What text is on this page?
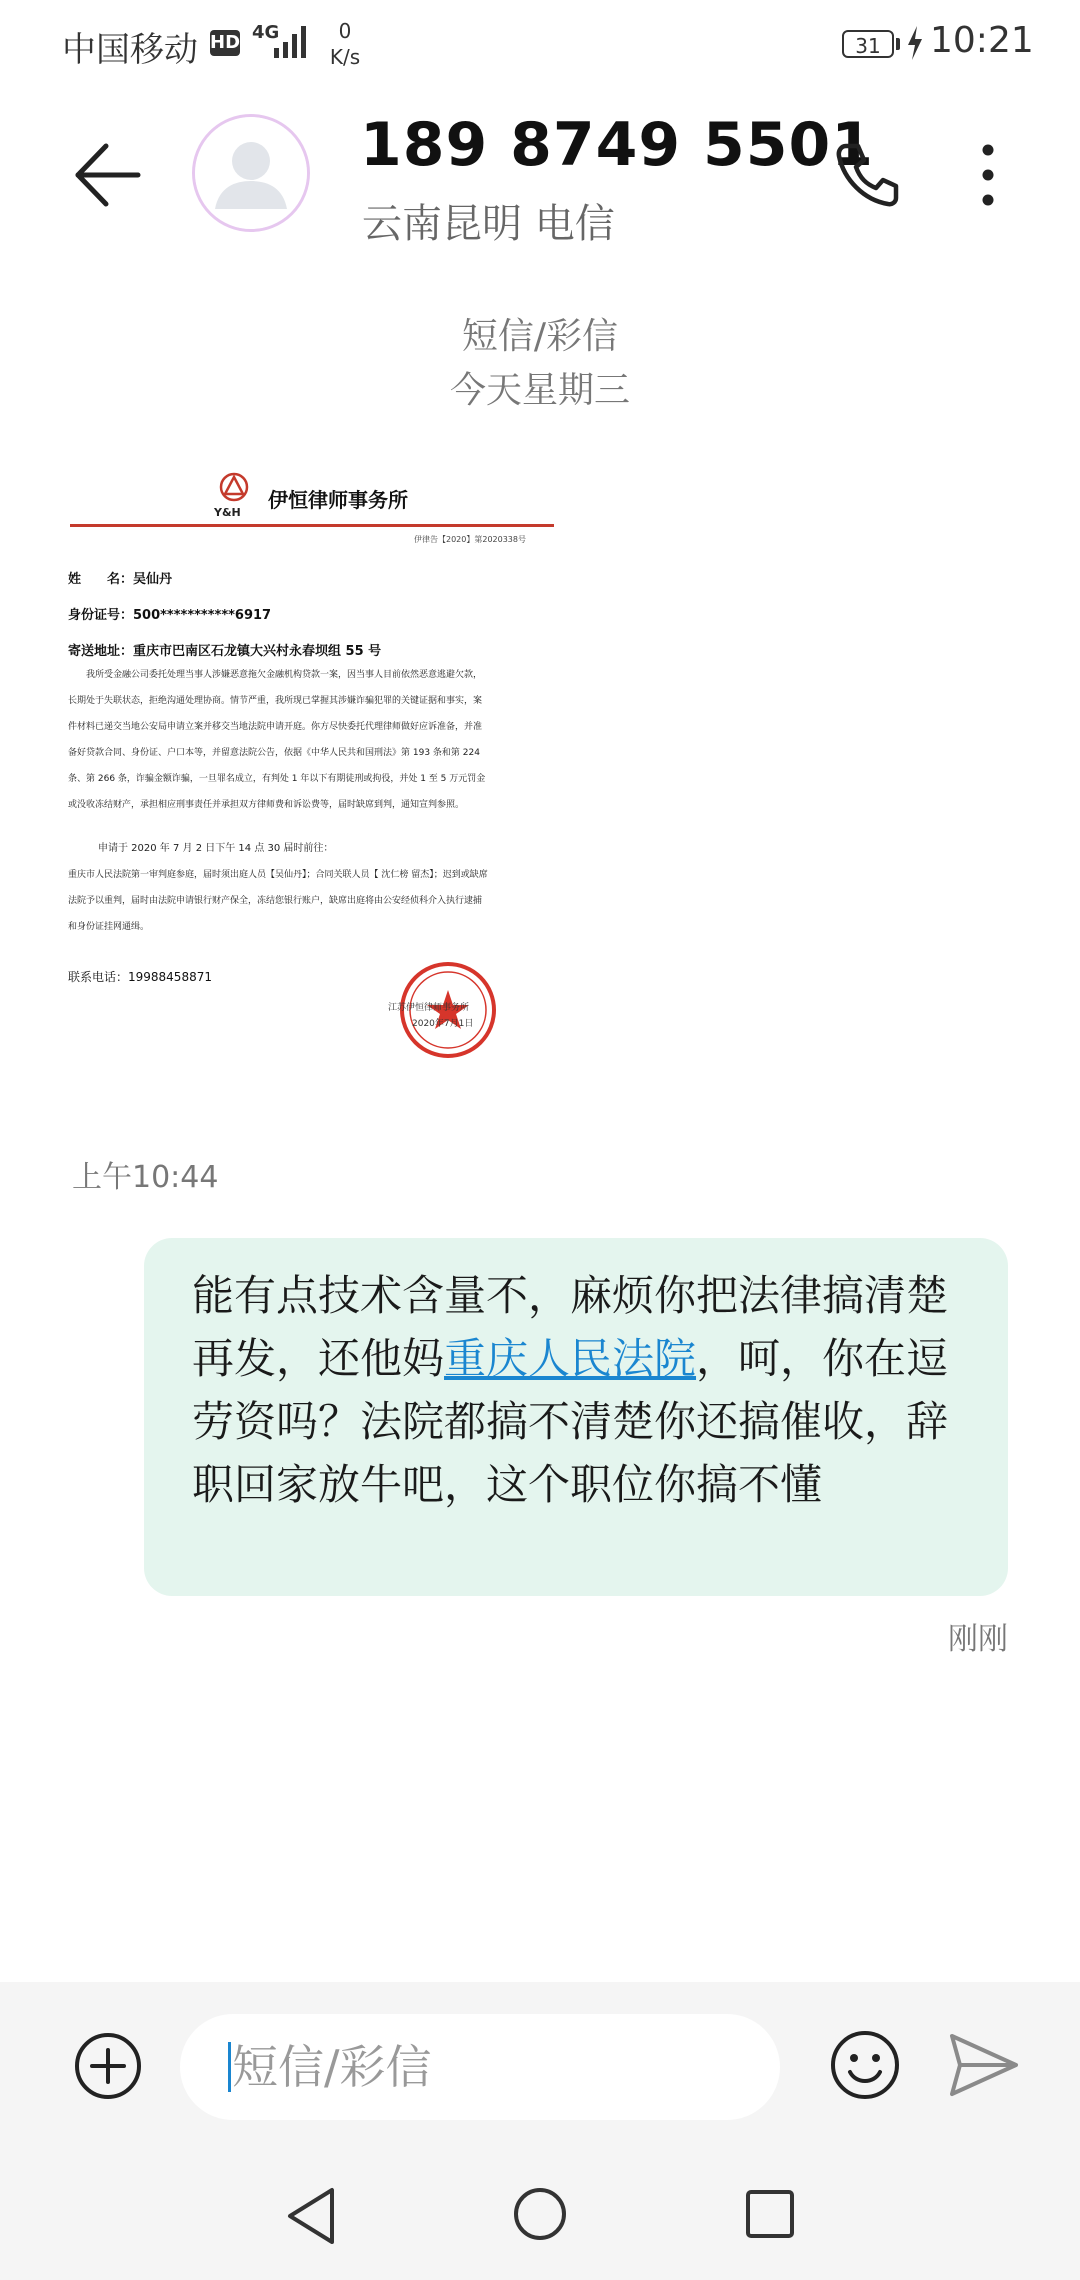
中国移动 HD 4G	0
K/s	31	10:21
189 8749 5501
云南昆明 电信
短信/彩信
今天星期三
Y&H
伊恒律师事务所
伊律告【2020】第2020338号
姓　　名：吴仙丹
身份证号：500***********6917
寄送地址：重庆市巴南区石龙镇大兴村永春坝组 55 号
我所受金融公司委托处理当事人涉嫌恶意拖欠金融机构贷款一案，因当事人目前依然恶意逃避欠款，长期处于失联状态，拒绝沟通处理协商。情节严重，我所现已掌握其涉嫌诈骗犯罪的关键证据和事实，案件材料已递交当地公安局申请立案并移交当地法院申请开庭。你方尽快委托代理律师做好应诉准备，并准备好贷款合同、身份证、户口本等，并留意法院公告，依据《中华人民共和国刑法》第 193 条和第 224 条、第 266 条，诈骗金额诈骗，一旦罪名成立，有判处 1 年以下有期徒刑或拘役，并处 1 至 5 万元罚金或没收冻结财产，承担相应刑事责任并承担双方律师费和诉讼费等，届时缺席到判，通知宣判参照。
申请于 2020 年 7 月 2 日下午 14 点 30 届时前往：
重庆市人民法院第一审判庭参庭，届时须出庭人员【吴仙丹】；合同关联人员【 沈仁榜 留杰】；迟到或缺席法院予以重判，届时由法院申请银行财产保全，冻结您银行账户，缺席出庭将由公安经侦科介入执行逮捕和身份证挂网通缉。
联系电话：19988458871
江苏伊恒律师事务所
2020年7月1日
上午10:44
能有点技术含量不，麻烦你把法律搞清楚再发，还他妈重庆人民法院，呵，你在逗劳资吗？法院都搞不清楚你还搞催收，辞职回家放牛吧，这个职位你搞不懂
刚刚
短信/彩信
